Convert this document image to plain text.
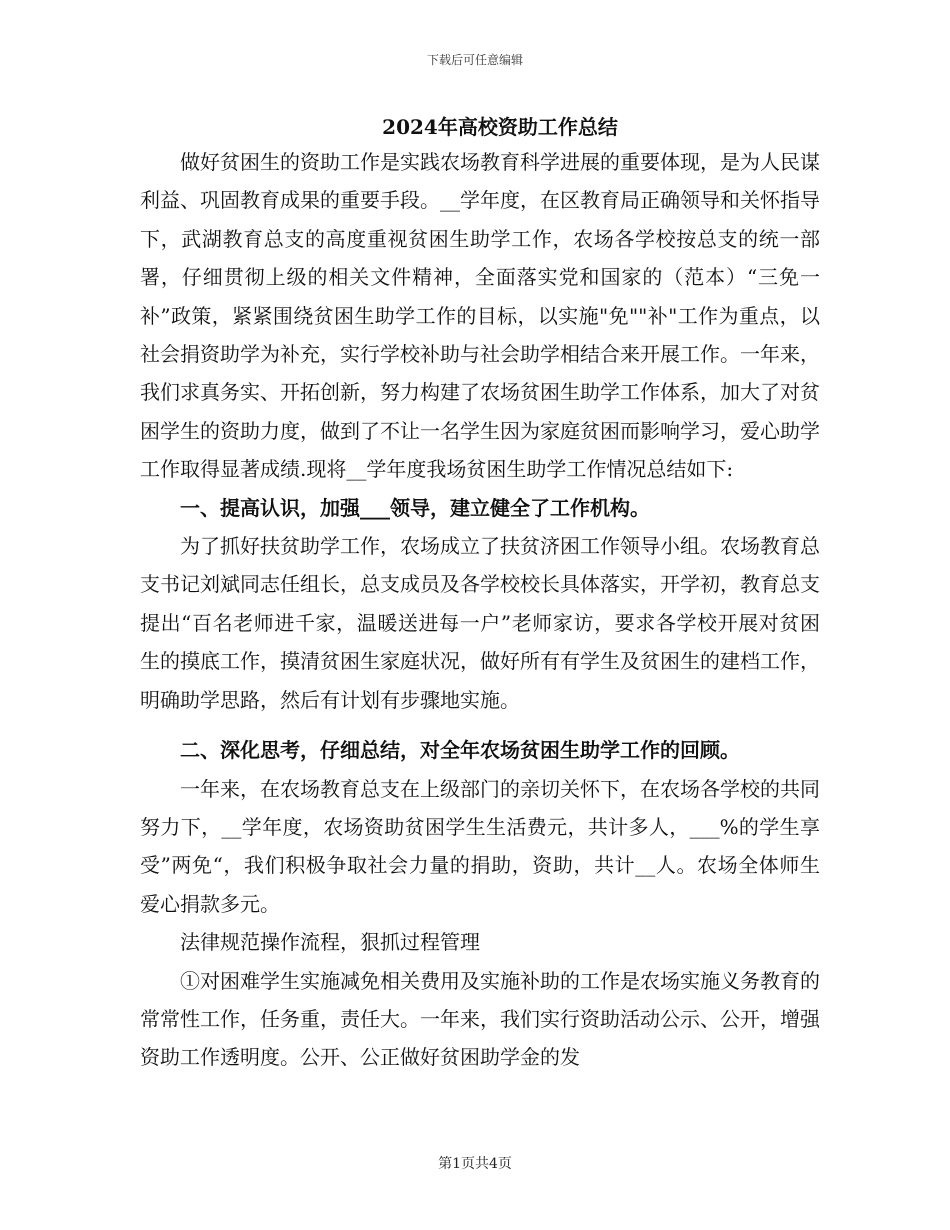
下载后可任意编辑
2024年高校资助工作总结

做好贫困生的资助工作是实践农场教育科学进展的重要体现，是为人民谋利益、巩固教育成果的重要手段。__学年度，在区教育局正确领导和关怀指导下，武湖教育总支的高度重视贫困生助学工作，农场各学校按总支的统一部署，仔细贯彻上级的相关文件精神，全面落实党和国家的（范本）“三免一补”政策，紧紧围绕贫困生助学工作的目标，以实施"免""补"工作为重点，以社会捐资助学为补充，实行学校补助与社会助学相结合来开展工作。一年来，我们求真务实、开拓创新，努力构建了农场贫困生助学工作体系，加大了对贫困学生的资助力度，做到了不让一名学生因为家庭贫困而影响学习，爱心助学工作取得显著成绩.现将__学年度我场贫困生助学工作情况总结如下:

一、提高认识，加强___领导，建立健全了工作机构。

为了抓好扶贫助学工作，农场成立了扶贫济困工作领导小组。农场教育总支书记刘斌同志任组长，总支成员及各学校校长具体落实，开学初，教育总支提出“百名老师进千家，温暖送进每一户”老师家访，要求各学校开展对贫困生的摸底工作，摸清贫困生家庭状况，做好所有有学生及贫困生的建档工作，明确助学思路，然后有计划有步骤地实施。

二、深化思考，仔细总结，对全年农场贫困生助学工作的回顾。

一年来，在农场教育总支在上级部门的亲切关怀下，在农场各学校的共同努力下，__学年度，农场资助贫困学生生活费元，共计多人，___%的学生享受”两免“，我们积极争取社会力量的捐助，资助，共计__人。农场全体师生爱心捐款多元。

法律规范操作流程，狠抓过程管理

①对困难学生实施减免相关费用及实施补助的工作是农场实施义务教育的常常性工作，任务重，责任大。一年来，我们实行资助活动公示、公开，增强资助工作透明度。公开、公正做好贫困助学金的发

第1页共4页
